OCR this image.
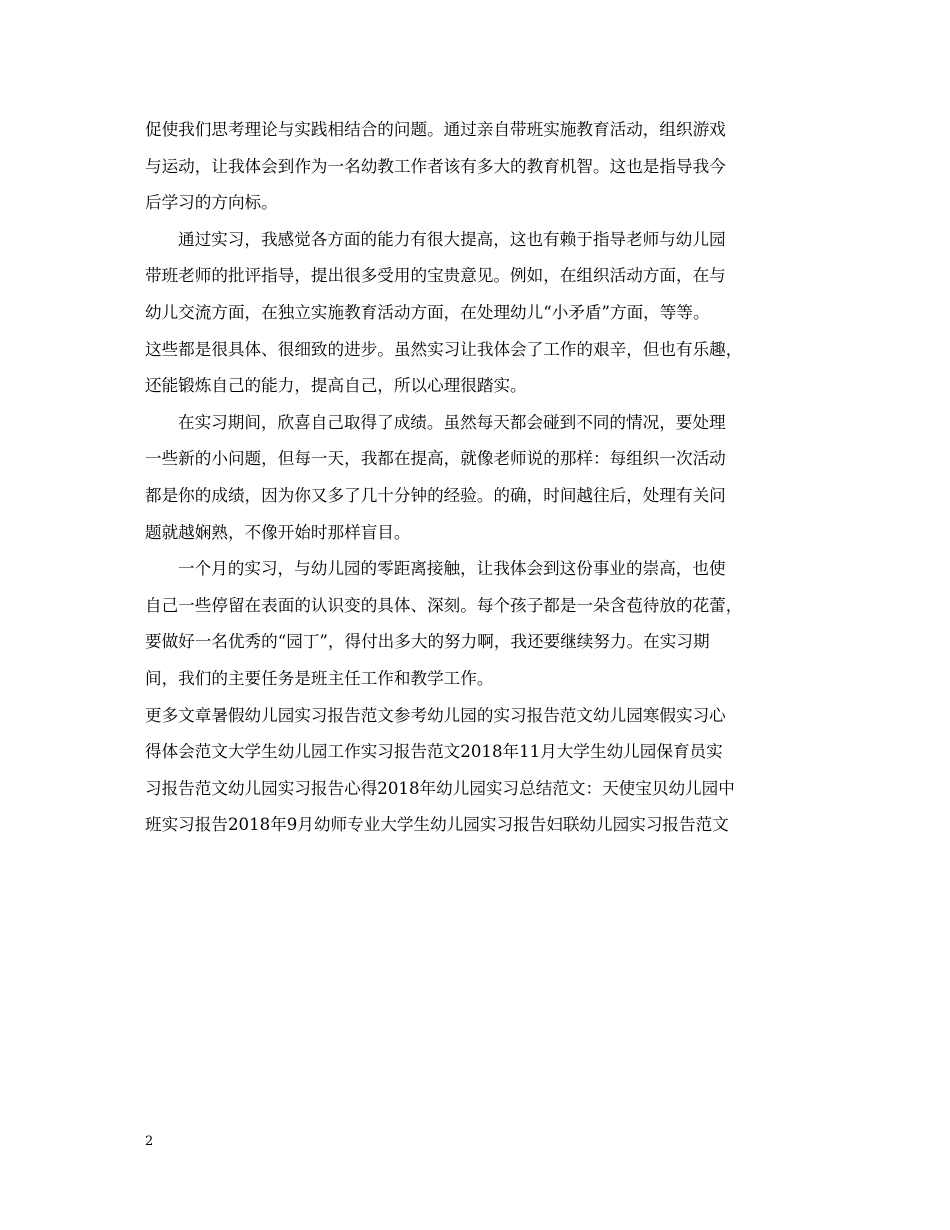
促使我们思考理论与实践相结合的问题。通过亲自带班实施教育活动，组织游戏
与运动，让我体会到作为一名幼教工作者该有多大的教育机智。这也是指导我今
后学习的方向标。
通过实习，我感觉各方面的能力有很大提高，这也有赖于指导老师与幼儿园
带班老师的批评指导，提出很多受用的宝贵意见。例如，在组织活动方面，在与
幼儿交流方面，在独立实施教育活动方面，在处理幼儿“小矛盾”方面，等等。
这些都是很具体、很细致的进步。虽然实习让我体会了工作的艰辛，但也有乐趣，
还能锻炼自己的能力，提高自己，所以心理很踏实。
在实习期间，欣喜自己取得了成绩。虽然每天都会碰到不同的情况，要处理
一些新的小问题，但每一天，我都在提高，就像老师说的那样：每组织一次活动
都是你的成绩，因为你又多了几十分钟的经验。的确，时间越往后，处理有关问
题就越娴熟，不像开始时那样盲目。
一个月的实习，与幼儿园的零距离接触，让我体会到这份事业的崇高，也使
自己一些停留在表面的认识变的具体、深刻。每个孩子都是一朵含苞待放的花蕾，
要做好一名优秀的“园丁”，得付出多大的努力啊，我还要继续努力。在实习期
间，我们的主要任务是班主任工作和教学工作。
更多文章暑假幼儿园实习报告范文参考幼儿园的实习报告范文幼儿园寒假实习心
得体会范文大学生幼儿园工作实习报告范文2018年11月大学生幼儿园保育员实
习报告范文幼儿园实习报告心得2018年幼儿园实习总结范文：天使宝贝幼儿园中
班实习报告2018年9月幼师专业大学生幼儿园实习报告妇联幼儿园实习报告范文
2
